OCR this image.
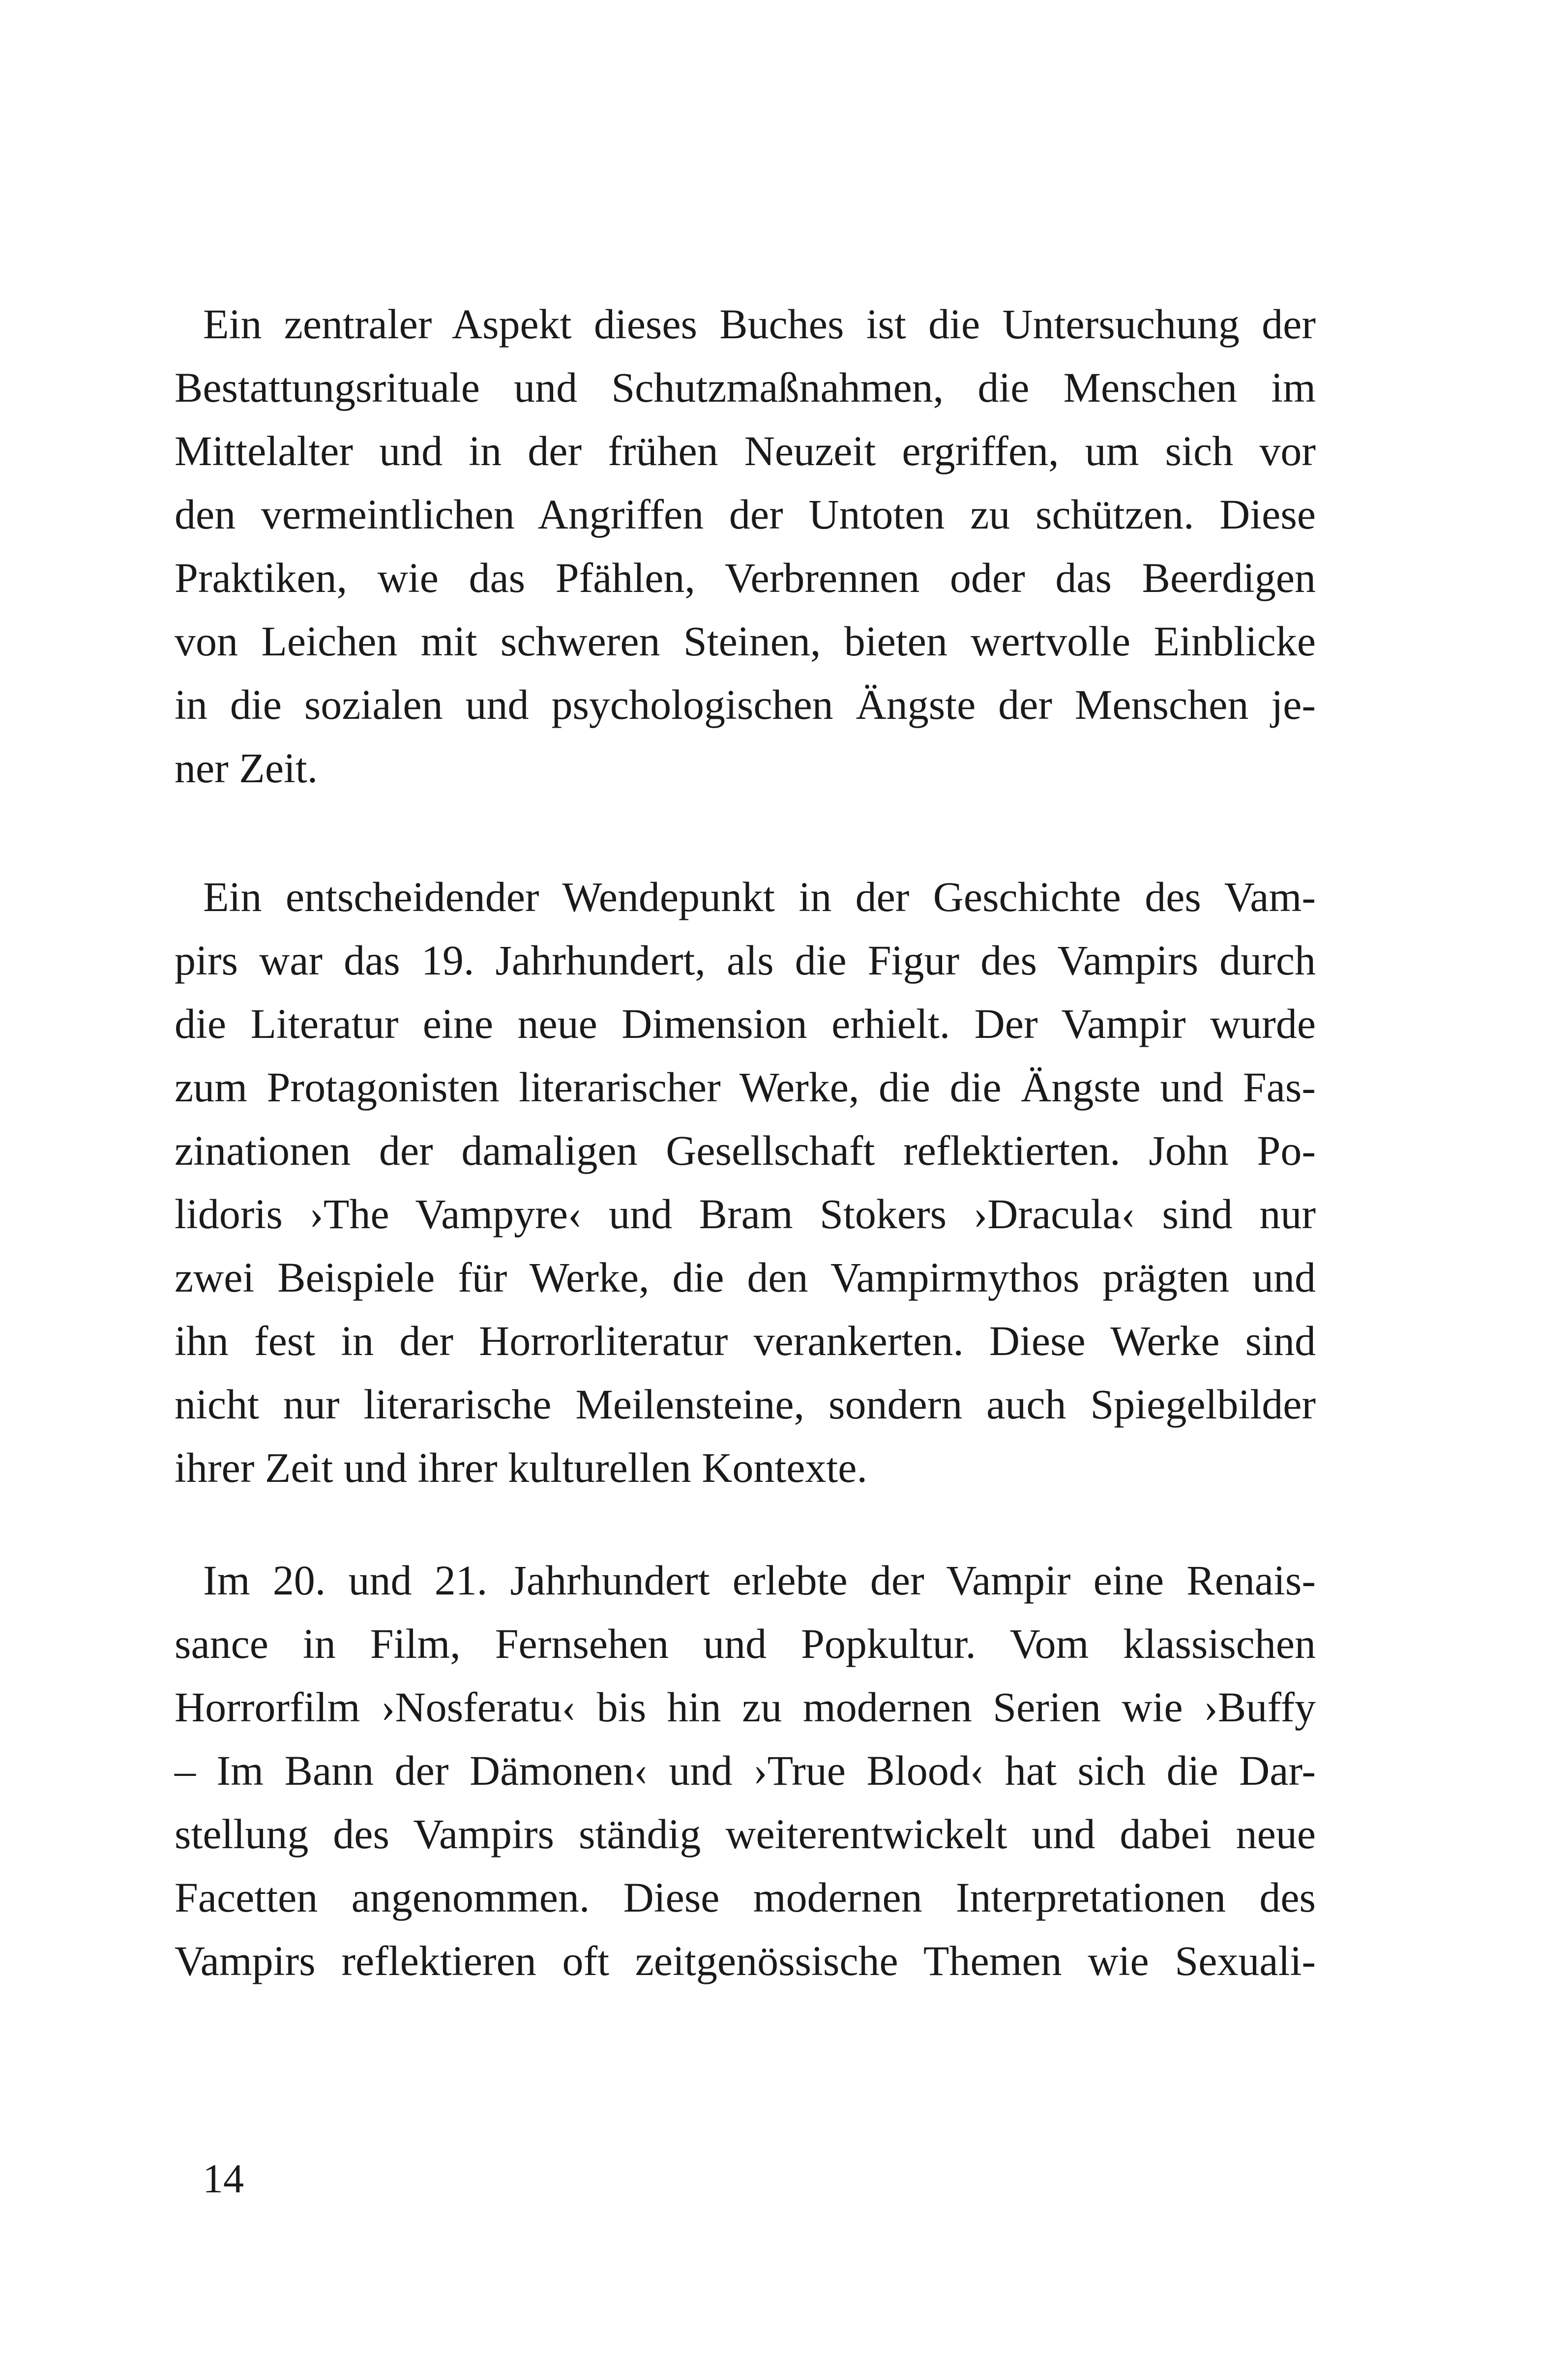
Ein zentraler Aspekt dieses Buches ist die Untersuchung der
Bestattungsrituale und Schutzmaßnahmen, die Menschen im
Mittelalter und in der frühen Neuzeit ergriffen, um sich vor
den vermeintlichen Angriffen der Untoten zu schützen. Diese
Praktiken, wie das Pfählen, Verbrennen oder das Beerdigen
von Leichen mit schweren Steinen, bieten wertvolle Einblicke
in die sozialen und psychologischen Ängste der Menschen je-
ner Zeit.

Ein entscheidender Wendepunkt in der Geschichte des Vam-
pirs war das 19. Jahrhundert, als die Figur des Vampirs durch
die Literatur eine neue Dimension erhielt. Der Vampir wurde
zum Protagonisten literarischer Werke, die die Ängste und Fas-
zinationen der damaligen Gesellschaft reflektierten. John Po-
lidoris ›The Vampyre‹ und Bram Stokers ›Dracula‹ sind nur
zwei Beispiele für Werke, die den Vampirmythos prägten und
ihn fest in der Horrorliteratur verankerten. Diese Werke sind
nicht nur literarische Meilensteine, sondern auch Spiegelbilder
ihrer Zeit und ihrer kulturellen Kontexte.

Im 20. und 21. Jahrhundert erlebte der Vampir eine Renais-
sance in Film, Fernsehen und Popkultur. Vom klassischen
Horrorfilm ›Nosferatu‹ bis hin zu modernen Serien wie ›Buffy
– Im Bann der Dämonen‹ und ›True Blood‹ hat sich die Dar-
stellung des Vampirs ständig weiterentwickelt und dabei neue
Facetten angenommen. Diese modernen Interpretationen des
Vampirs reflektieren oft zeitgenössische Themen wie Sexuali-

14
